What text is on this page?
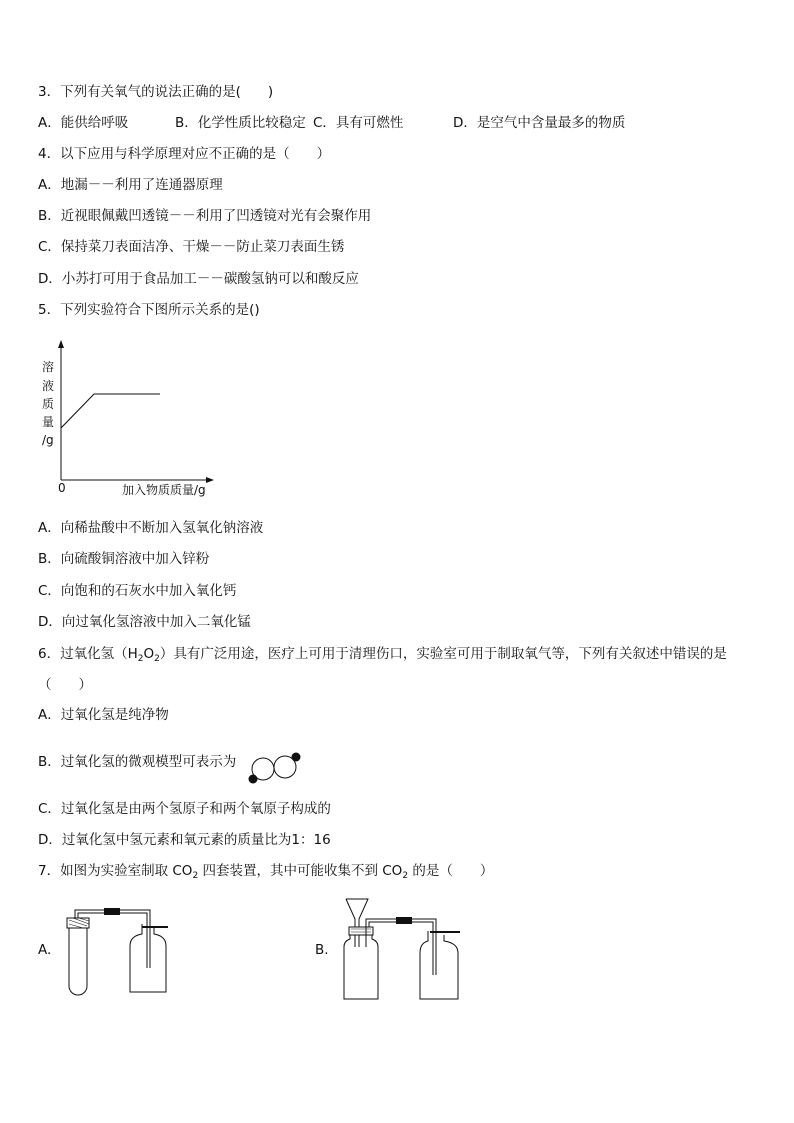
3．下列有关氧气的说法正确的是(　　)
A．能供给呼吸	B．化学性质比较稳定 C．具有可燃性	D．是空气中含量最多的物质
4．以下应用与科学原理对应不正确的是（　　）
A．地漏－－利用了连通器原理
B．近视眼佩戴凹透镜－－利用了凹透镜对光有会聚作用
C．保持菜刀表面洁净、干燥－－防止菜刀表面生锈
D．小苏打可用于食品加工－－碳酸氢钠可以和酸反应
5．下列实验符合下图所示关系的是()
溶
液
质
量
/g
0	加入物质质量/g
A．向稀盐酸中不断加入氢氧化钠溶液
B．向硫酸铜溶液中加入锌粉
C．向饱和的石灰水中加入氧化钙
D．向过氧化氢溶液中加入二氧化锰
6．过氧化氢$(H_2O_2)$具有广泛用途，医疗上可用于清理伤口，实验室可用于制取氧气等，下列有关叙述中错误的是
（　　）
A．过氧化氢是纯净物
B．过氧化氢的微观模型可表示为
C．过氧化氢是由两个氢原子和两个氧原子构成的
D．过氧化氢中氢元素和氧元素的质量比为1：16
7．如图为实验室制取 $CO_2$ 四套装置，其中可能收集不到 $CO_2$ 的是（　　）
A.	B.
